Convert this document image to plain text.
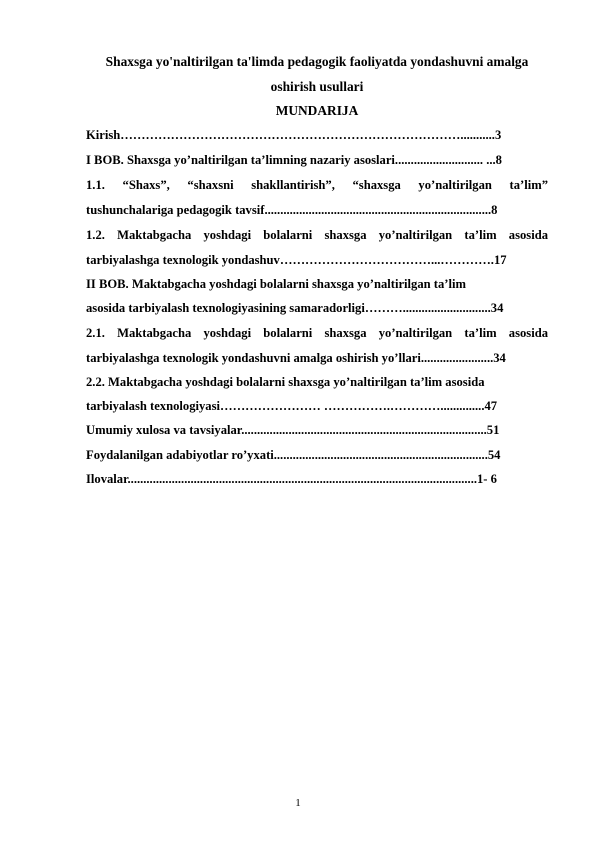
Shaxsga yo'naltirilgan ta'limda pedagogik faoliyatda yondashuvni amalga
oshirish usullari
MUNDARIJA
Kirish………………………………………………………………………...........3
I BOB. Shaxsga yo’naltirilgan ta’limning nazariy asoslari............................ ...8
1.1. “Shaxs”, “shaxsni shakllantirish”, “shaxsga yo’naltirilgan ta’lim”
tushunchalariga pedagogik tavsif........................................................................8
1.2. Maktabgacha yoshdagi bolalarni shaxsga yo’naltirilgan ta’lim asosida
tarbiyalashga texnologik yondashuv………………………………...………….17
II BOB. Maktabgacha yoshdagi bolalarni shaxsga yo’naltirilgan ta’lim
asosida tarbiyalash texnologiyasining samaradorligi………............................34
2.1. Maktabgacha yoshdagi bolalarni shaxsga yo’naltirilgan ta’lim asosida
tarbiyalashga texnologik yondashuvni amalga oshirish yo’llari.......................34
2.2. Maktabgacha yoshdagi bolalarni shaxsga yo’naltirilgan ta’lim asosida
tarbiyalash texnologiyasi…………………… …………….…………..............47
Umumiy xulosa va tavsiyalar..............................................................................51
Foydalanilgan adabiyotlar ro’yxati....................................................................54
Ilovalar...............................................................................................................1- 6
1
